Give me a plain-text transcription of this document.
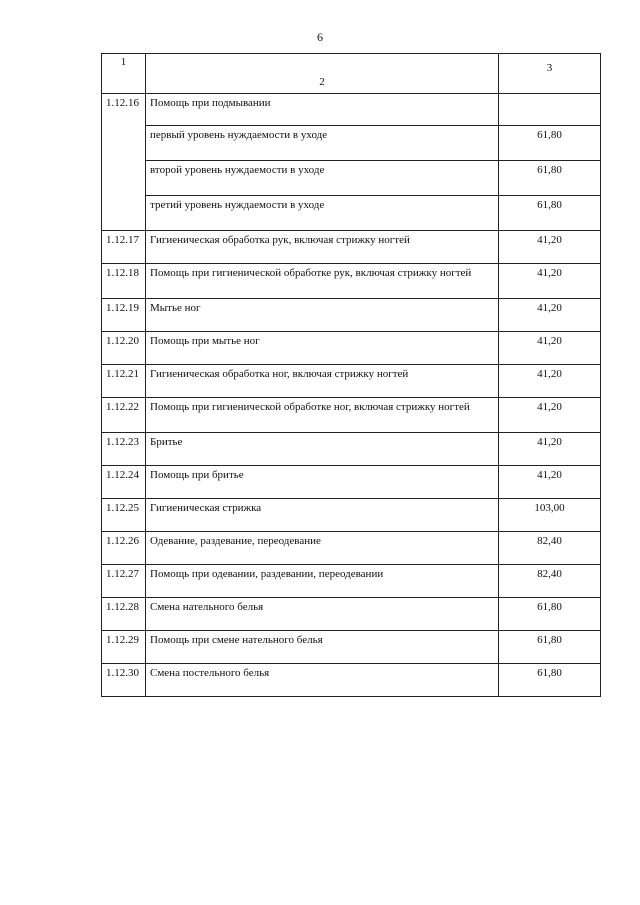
6
1	2	3
1.12.16	Помощь при подмывании	
	первый уровень нуждаемости в уходе	61,80
	второй уровень нуждаемости в уходе	61,80
	третий уровень нуждаемости в уходе	61,80
1.12.17	Гигиеническая обработка рук, включая стрижку ногтей	41,20
1.12.18	Помощь при гигиенической обработке рук, включая стрижку ногтей	41,20
1.12.19	Мытье ног	41,20
1.12.20	Помощь при мытье ног	41,20
1.12.21	Гигиеническая обработка ног, включая стрижку ногтей	41,20
1.12.22	Помощь при гигиенической обработке ног, включая стрижку ногтей	41,20
1.12.23	Бритье	41,20
1.12.24	Помощь при бритье	41,20
1.12.25	Гигиеническая стрижка	103,00
1.12.26	Одевание, раздевание, переодевание	82,40
1.12.27	Помощь при одевании, раздевании, переодевании	82,40
1.12.28	Смена нательного белья	61,80
1.12.29	Помощь при смене нательного белья	61,80
1.12.30	Смена постельного белья	61,80
